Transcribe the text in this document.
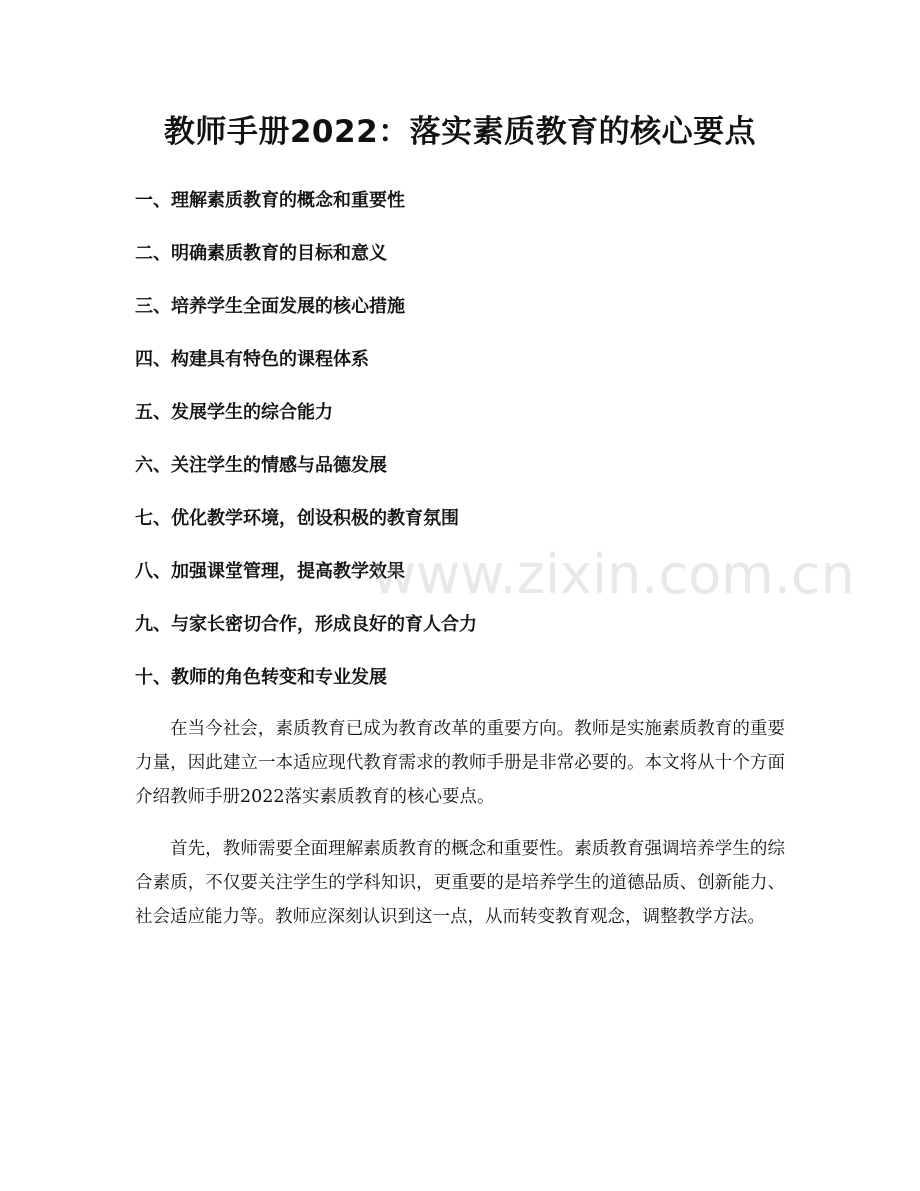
教师手册2022：落实素质教育的核心要点
一、理解素质教育的概念和重要性
二、明确素质教育的目标和意义
三、培养学生全面发展的核心措施
四、构建具有特色的课程体系
五、发展学生的综合能力
六、关注学生的情感与品德发展
七、优化教学环境，创设积极的教育氛围
八、加强课堂管理，提高教学效果
九、与家长密切合作，形成良好的育人合力
十、教师的角色转变和专业发展

在当今社会，素质教育已成为教育改革的重要方向。教师是实施素质教育的重要力量，因此建立一本适应现代教育需求的教师手册是非常必要的。本文将从十个方面介绍教师手册2022落实素质教育的核心要点。

首先，教师需要全面理解素质教育的概念和重要性。素质教育强调培养学生的综合素质，不仅要关注学生的学科知识，更重要的是培养学生的道德品质、创新能力、社会适应能力等。教师应深刻认识到这一点，从而转变教育观念，调整教学方法。

www.zixin.com.cn
